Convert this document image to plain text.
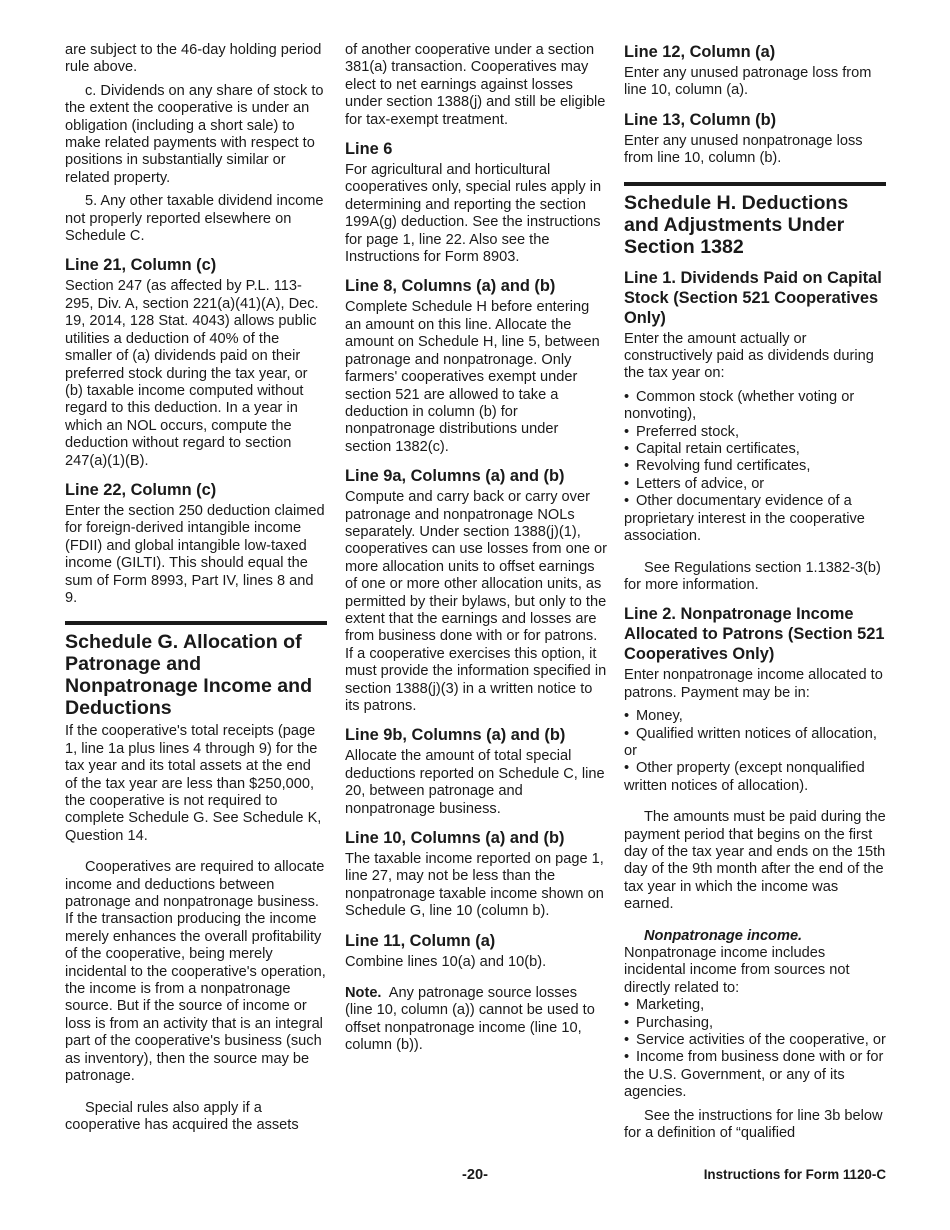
are subject to the 46-day holding period rule above.

c. Dividends on any share of stock to the extent the cooperative is under an obligation (including a short sale) to make related payments with respect to positions in substantially similar or related property.

5. Any other taxable dividend income not properly reported elsewhere on Schedule C.

Line 21, Column (c)

Section 247 (as affected by P.L. 113-295, Div. A, section 221(a)(41)(A), Dec. 19, 2014, 128 Stat. 4043) allows public utilities a deduction of 40% of the smaller of (a) dividends paid on their preferred stock during the tax year, or (b) taxable income computed without regard to this deduction. In a year in which an NOL occurs, compute the deduction without regard to section 247(a)(1)(B).

Line 22, Column (c)

Enter the section 250 deduction claimed for foreign-derived intangible income (FDII) and global intangible low-taxed income (GILTI). This should equal the sum of Form 8993, Part IV, lines 8 and 9.

Schedule G. Allocation of Patronage and Nonpatronage Income and Deductions

If the cooperative's total receipts (page 1, line 1a plus lines 4 through 9) for the tax year and its total assets at the end of the tax year are less than $250,000, the cooperative is not required to complete Schedule G. See Schedule K, Question 14.

Cooperatives are required to allocate income and deductions between patronage and nonpatronage business. If the transaction producing the income merely enhances the overall profitability of the cooperative, being merely incidental to the cooperative's operation, the income is from a nonpatronage source. But if the source of income or loss is from an activity that is an integral part of the cooperative's business (such as inventory), then the source may be patronage.

Special rules also apply if a cooperative has acquired the assets

of another cooperative under a section 381(a) transaction. Cooperatives may elect to net earnings against losses under section 1388(j) and still be eligible for tax-exempt treatment.

Line 6

For agricultural and horticultural cooperatives only, special rules apply in determining and reporting the section 199A(g) deduction. See the instructions for page 1, line 22. Also see the Instructions for Form 8903.

Line 8, Columns (a) and (b)

Complete Schedule H before entering an amount on this line. Allocate the amount on Schedule H, line 5, between patronage and nonpatronage. Only farmers' cooperatives exempt under section 521 are allowed to take a deduction in column (b) for nonpatronage distributions under section 1382(c).

Line 9a, Columns (a) and (b)

Compute and carry back or carry over patronage and nonpatronage NOLs separately. Under section 1388(j)(1), cooperatives can use losses from one or more allocation units to offset earnings of one or more other allocation units, as permitted by their bylaws, but only to the extent that the earnings and losses are from business done with or for patrons. If a cooperative exercises this option, it must provide the information specified in section 1388(j)(3) in a written notice to its patrons.

Line 9b, Columns (a) and (b)

Allocate the amount of total special deductions reported on Schedule C, line 20, between patronage and nonpatronage business.

Line 10, Columns (a) and (b)

The taxable income reported on page 1, line 27, may not be less than the nonpatronage taxable income shown on Schedule G, line 10 (column b).

Line 11, Column (a)

Combine lines 10(a) and 10(b).

Note. Any patronage source losses (line 10, column (a)) cannot be used to offset nonpatronage income (line 10, column (b)).

Line 12, Column (a)

Enter any unused patronage loss from line 10, column (a).

Line 13, Column (b)

Enter any unused nonpatronage loss from line 10, column (b).

Schedule H. Deductions and Adjustments Under Section 1382
Line 1. Dividends Paid on Capital Stock (Section 521 Cooperatives Only)

Enter the amount actually or constructively paid as dividends during the tax year on:

• Common stock (whether voting or nonvoting),
• Preferred stock,
• Capital retain certificates,
• Revolving fund certificates,
• Letters of advice, or
• Other documentary evidence of a proprietary interest in the cooperative association.

See Regulations section 1.1382-3(b) for more information.

Line 2. Nonpatronage Income Allocated to Patrons (Section 521 Cooperatives Only)

Enter nonpatronage income allocated to patrons. Payment may be in:

• Money,
• Qualified written notices of allocation, or
• Other property (except nonqualified written notices of allocation).

The amounts must be paid during the payment period that begins on the first day of the tax year and ends on the 15th day of the 9th month after the end of the tax year in which the income was earned.

Nonpatronage income.
Nonpatronage income includes incidental income from sources not directly related to:

• Marketing,
• Purchasing,
• Service activities of the cooperative, or
• Income from business done with or for the U.S. Government, or any of its agencies.

See the instructions for line 3b below for a definition of “qualified

-20-	Instructions for Form 1120-C
